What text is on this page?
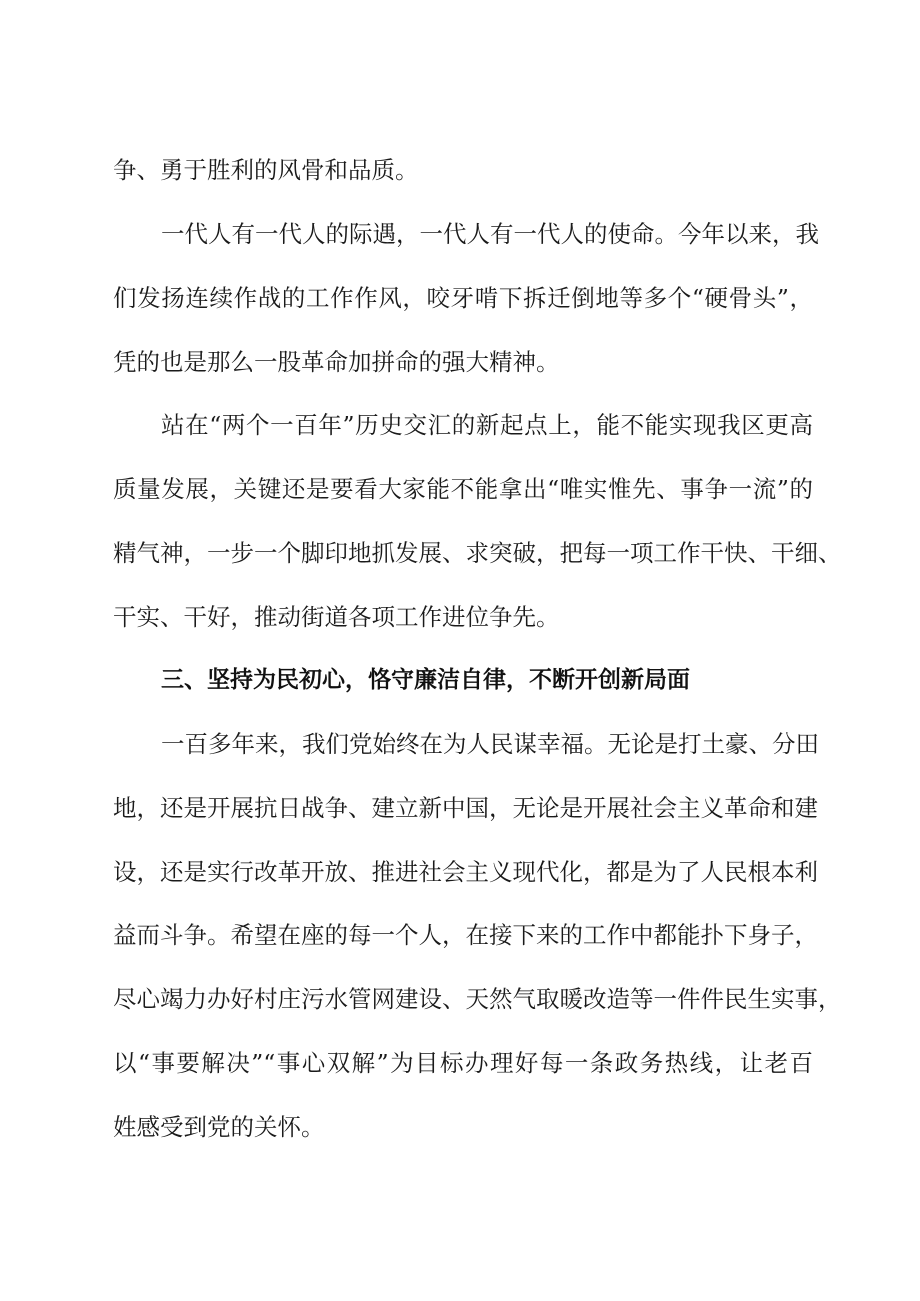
争、勇于胜利的风骨和品质。
一代人有一代人的际遇，一代人有一代人的使命。今年以来，我
们发扬连续作战的工作作风，咬牙啃下拆迁倒地等多个“硬骨头”，
凭的也是那么一股革命加拼命的强大精神。
站在“两个一百年”历史交汇的新起点上，能不能实现我区更高
质量发展，关键还是要看大家能不能拿出“唯实惟先、事争一流”的
精气神，一步一个脚印地抓发展、求突破，把每一项工作干快、干细、
干实、干好，推动街道各项工作进位争先。
三、坚持为民初心，恪守廉洁自律，不断开创新局面
一百多年来，我们党始终在为人民谋幸福。无论是打土豪、分田
地，还是开展抗日战争、建立新中国，无论是开展社会主义革命和建
设，还是实行改革开放、推进社会主义现代化，都是为了人民根本利
益而斗争。希望在座的每一个人，在接下来的工作中都能扑下身子，
尽心竭力办好村庄污水管网建设、天然气取暖改造等一件件民生实事，
以“事要解决”“事心双解”为目标办理好每一条政务热线，让老百
姓感受到党的关怀。
